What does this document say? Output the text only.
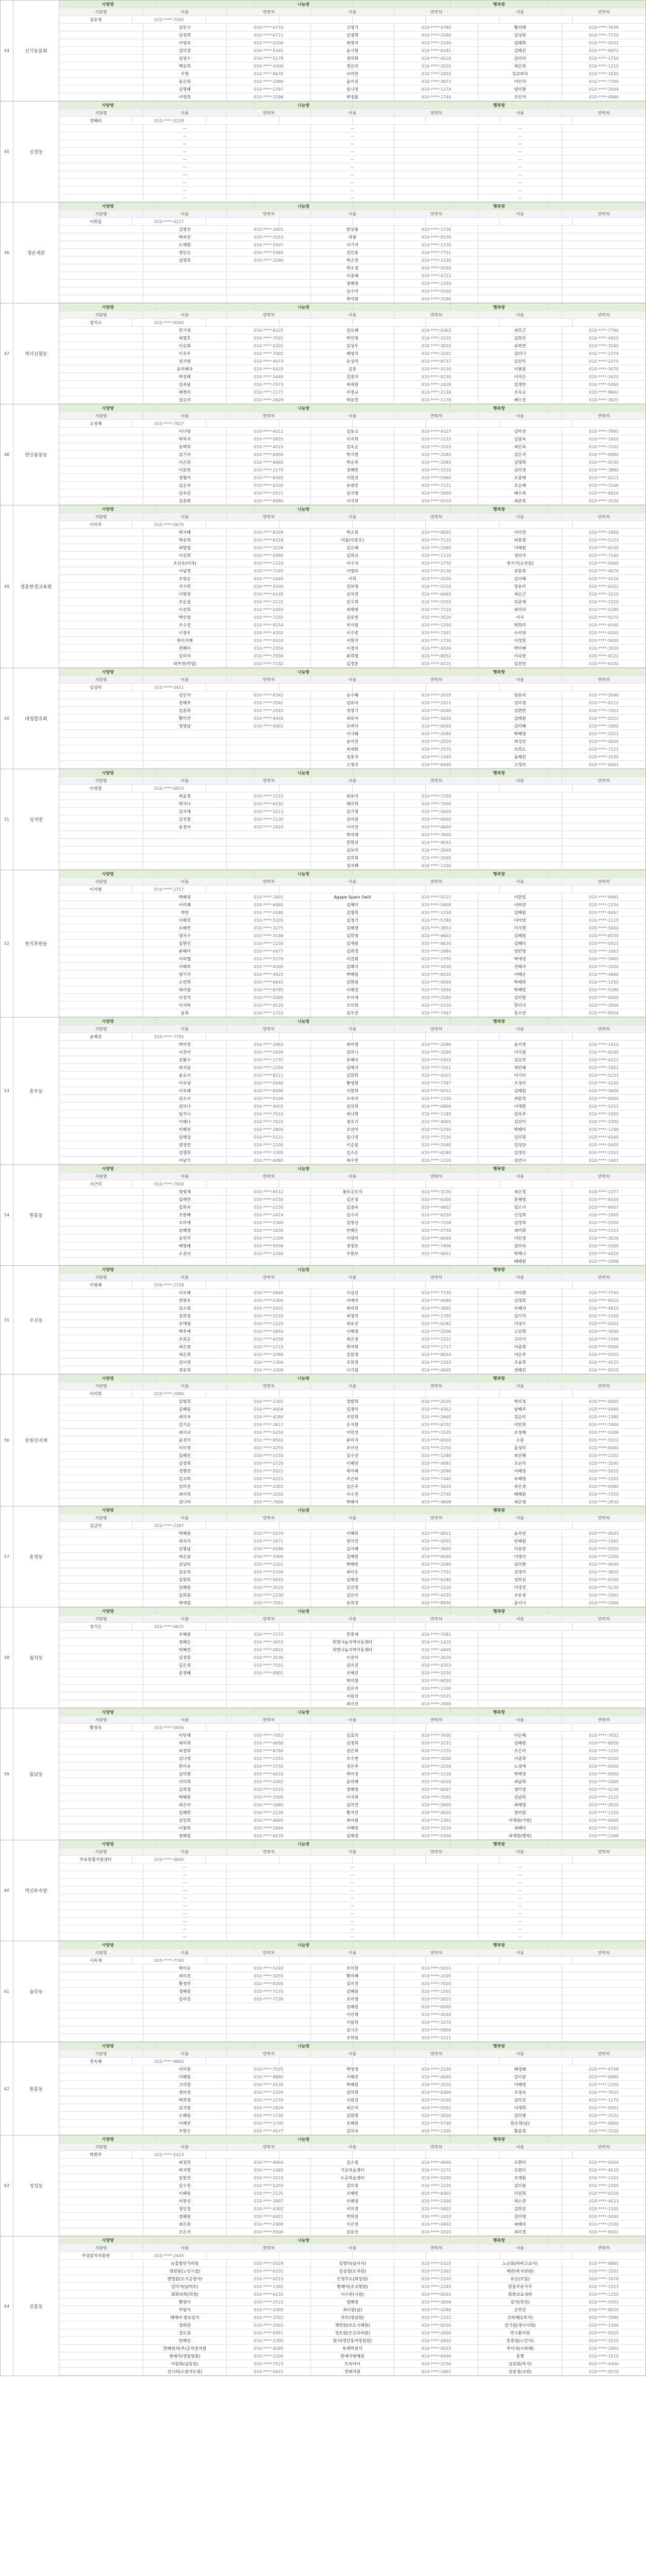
44	신기동분회
사랑방	나눔방	행복방
지원명	이름	연락처	이름	연락처	이름	연락처
김유경	010-****-7340
김인구	010-****-6710	고영기	010-****-4780	황미례	010-****-7838
김정희	010-****-6711	김영희	010-****-2590	김성희	010-****-7720
이영숙	010-****-0200	최영자	010-****-2240	김태희	010-****-4551
김미경	010-****-5345	윤시현	010-****-8181	김혜선	010-****-6972
김영수	010-****-5178	정미화	010-****-4520	김미자	010-****-1750
백승희	010-****-2400	정은미	010-****-2020	최은희	010-****-1210
우현	010-****-8670	이미란	010-****-1850	김교려자	010-****-1830
윤은희	010-****-2980	윤이진	010-****-3873	이인자	010-****-7705
김명해	010-****-2797	임나정	010-****-1174	양미현	010-****-2044
이영희	010-****-2186	박경률	010-****-1744	조인자	010-****-4880
45	신정동
사랑방	나눔방	행복방
지원명	이름	연락처	이름	연락처	이름	연락처
정혜라	010-****-0228
—	—	—
—	—	—
—	—	—
—	—	—
—	—	—
—	—	—
—	—	—
—	—	—
—	—	—
—	—	—
46	청운제본
사랑방	나눔방	행복방
지원명	이름	연락처	이름	연락처	이름	연락처
이휘울	010-****-4127
김명진	010-****-2401	한상봉	010-****-1726
박외진	010-****-3253	곽봉	010-****-9220
도예현	010-****-5507	이기자	010-****-1230
정인순	010-****-5060	김인용	010-****-7751
김명희	010-****-2590	박소연	010-****-1230
박소경	010-****-0250
이종혜	010-****-4721
정혜정	010-****-1255
김수미	010-****-5550
박석원	010-****-3180
47	역사신협동
사랑방	나눔방	행복방
지원명	이름	연락처	이름	연락처	이름	연락처
양지수	010-****-8340
한기영	010-****-6225	김로례	010-****-0362	최호근	010-****-7790
최명호	010-****-7501	박인영	010-****-3125	김희우	010-****-4455
이순화	010-****-5201	김성우	010-****-3030	송하연	010-****-3160
이옥우	010-****-7002	배영지	010-****-3201	김미나	010-****-2374
전지영	010-****-9073	유성미	010-****-8737	김선미	010-****-2375
윤미혜자	010-****-5025	김흥	010-****-0130	이봄원	010-****-3070
박정례	010-****-5440	김흥미	010-****-0230	이자은	010-****-3420
김숙남	010-****-7073	최세원	010-****-2428	김경란	010-****-5060
배경미	010-****-1177	이경규	010-****-2130	조옥순	010-****-8842
길순미	010-****-2620	박유민	010-****-1178	배수진	010-****-3625
48	연신용봉동
사랑방	나눔방	행복방
지원명	이름	연락처	이름	연락처	이름	연락처
오정해	010-****-7927
이나영	010-****-4011	김동교	010-****-4327	김덕선	010-****-7995
박복자	010-****-5825	이지희	010-****-2133	김점숙	010-****-1610
송백희	010-****-4515	김옥순	010-****-3203	최인숙	010-****-3102
김기자	010-****-6000	박지현	010-****-2580	김은지	010-****-6880
이은희	010-****-6660	박순복	010-****-2085	김명희	010-****-0230
이분희	010-****-2170	정혜빈	010-****-1520	김미정	010-****-3880
정형미	010-****-6565	이현선	010-****-5960	오종례	010-****-0211
김순자	010-****-6330	유광민	010-****-7121	조순례	010-****-3160
김숙진	010-****-5521	김지명	010-****-5850	배수희	010-****-8610
김춘화	010-****-8080	이지희	010-****-5510	최춘희	010-****-3130
49	영흥한정교육원
사랑방	나눔방	행복방
지원명	이름	연락처	이름	연락처	이름	연락처
이미주	010-****-0670
박지혜	010-****-8359	박소희	010-****-0005	이미연	010-****-1800
박유희	010-****-6318	이율(미혼모)	010-****-7125	최흥방	010-****-5123
최방엽	010-****-3226	김은혜	010-****-2580	이혜원	010-****-6230
이선희	010-****-5990	김희규	010-****-1110	정의지	010-****-7140
조선유(미자)	010-****-1210	이수자	010-****-2770	정지기(순진담)	010-****-5000
이남정	010-****-7165	이엘라	010-****-5130	전동희	010-****-4070
조영순	010-****-2440	이희	010-****-4250	김이혜	010-****-4210
지수빈	010-****-5500	김보영	010-****-5250	장유미	010-****-6252
이현정	010-****-6140	김어진	010-****-6460	최순근	010-****-3210
조운섭	010-****-2121	김수희	010-****-5250	김종예	010-****-2320
이선희	010-****-5450	최해영	010-****-7710	최미라	010-****-5280
박산정	010-****-7255	김유빈	010-****-3520	이지	010-****-9272
조수진	010-****-8254	차서원	010-****-1250	박희미	010-****-6540
이경우	010-****-4302	이수빈	010-****-7201	소미영	010-****-4205
하미사매	010-****-5510	이현지	010-****-1750	이정헌	010-****-5000
전혜미	010-****-2350	이경미	010-****-4200	박미혜	010-****-3550
김미자	010-****-7594	류희영	010-****-8052	이숙빈	010-****-6122
대추연(작업)	010-****-7232	김정훈	010-****-4115	김선민	010-****-6330
50	대청합유회
사랑방	나눔방	행복방
지원명	이름	연락처	이름	연락처	이름	연락처
김성미	010-****-0451
김인자	010-****-8342	송수혜	010-****-2035	양유리	010-****-2040
전해주	010-****-2581	김유미	010-****-1011	김미경	010-****-8112
김춘희	010-****-2583	정영기	010-****-4500	김현빈	010-****-7501
황미연	010-****-4449	최유미	010-****-5630	김혜원	010-****-0222
정영남	010-****-5002	조비아	010-****-6500	김미혜	010-****-1000
이사혜	010-****-4580	박혜경	010-****-2021
송미진	010-****-2020	최성진	010-****-4050
최세화	010-****-2575	조희도	010-****-7121
정홍자	010-****-1349	윤혜진	010-****-1530
고정미	010-****-8400	고정미	010-****-0401
51	성지방
사랑방	나눔방	행복방
지원명	이름	연락처	이름	연락처	이름	연락처
이정영	010-****-4825
최윤정	010-****-7210	최유미	010-****-7250
박자나	010-****-6192	배미희	010-****-7500
김지예	010-****-3213	김기영	010-****-2605
김진철	010-****-2130	김미원	010-****-6005
윤정아	010-****-2010	이이연	010-****-4600
박미해	010-****-7900
한현선	010-****-9032
김보미	010-****-2000
김미희	010-****-2500
성지혜	010-****-1200
52	한지후원동
사랑방	나눔방	행복방
지원명	이름	연락처	이름	연락처	이름	연락처
이지영	010-****-2717
박혜정	010-****-2601	Agape Sparo Swill	010-****-0221	이한밀	010-****-9461
이미혜	010-****-6080	김혜미	010-****-5808	이하연	010-****-2234
박빈	010-****-3180	김명희	010-****-1258	김혜원	010-****-8457
이혜진	010-****-5205	김정기	010-****-5780	이아연	010-****-2115
소혜연	010-****-3275	김혜경	010-****-3853	이지현	010-****-5000
양지수	010-****-3190	김희영	010-****-6602	김혜원	010-****-8335
김현신	010-****-2250	김재원	010-****-6630	김혜미	010-****-0421
류혜미	010-****-0477	김희정	010-****-2884	전민영	010-****-1063
이하엘	010-****-5270	이진회	010-****-2750	박애정	010-****-3405
이혜희	010-****-4200	김혜지	010-****-3430	진혜자	010-****-3320
양기지	010-****-4825	박혜림	010-****-6535	이혜은	010-****-4660
소연희	010-****-6645	김현원	010-****-4000	박혜희	010-****-1250
최이원	010-****-8785	이혜진	010-****-1830	박혜빈	010-****-5280
이성지	010-****-5005	우이애	010-****-2590	김미현	010-****-0050
이지하	010-****-4520	조미희	010-****-5150	한미지	010-****-3000
윤희	010-****-1722	김우연	010-****-7467	홍소연	010-****-8554
53	송주동
사랑방	나눔방	행복방
지원명	이름	연락처	이름	연락처	이름	연락처
윤혜진	010-****-7785
박미정	010-****-2963	최미영	010-****-2086	윤미정	010-****-1410
이진이	010-****-2930	김미나	010-****-3200	이지원	010-****-6240
김활수	010-****-2737	유혜미	010-****-5452	김승연	010-****-4212
최지남	010-****-2250	김예지	010-****-7551	최민혜	010-****-1051
윤오이	010-****-8211	김한희	010-****-4201	이기미	010-****-5233
이숙냥	010-****-5040	황영현	010-****-7787	조경미	010-****-4250
이옥례	010-****-8090	이현희	010-****-6251	김혜원	010-****-3005
김소이	010-****-5100	조옥미	010-****-1200	최원정	010-****-8000
김미나	010-****-4455	김선희	010-****-6806	이재현	010-****-5211
임지니	010-****-7510	최나희	010-****-1180	김옥주	010-****-2555
이해나	010-****-7620	정옥기	010-****-4005	김선아	010-****-3390
이혜진	010-****-2804	조선미	010-****-5250	박혜미	010-****-1240
김해성	010-****-5121	임나정	010-****-7230	김미희	010-****-4160
양정연	010-****-2200	이승원	010-****-2040	김성안	010-****-5005
김명희	010-****-3305	김소은	010-****-6280	김정인	010-****-2552
이남기	010-****-6080	최수빈	010-****-1150	김연나	010-****-1601
54	원흥동
사랑방	나눔방	행복방
지원명	이름	연락처	이름	연락처	이름	연락처
서근미	010-****-7908
정영재	010-****-6512	봉포공모지	010-****-3220	최은정	010-****-2277
김해연	010-****-0150	김온정	010-****-6300	홍혜영	010-****-6320
김희숙	010-****-2150	김점숙	010-****-4602	임소사	010-****-6007
조현혜	010-****-2414	김수미	010-****-6250	신성희	010-****-1005
오미애	010-****-2300	김영선	010-****-7258	김정희	010-****-5200
김혜영	010-****-1630	안혜은	010-****-4750	최미화	010-****-2151
송민미	010-****-1200	이양미	010-****-6000	이인경	010-****-3026
배영례	010-****-5058	정정유	010-****-7406	김미숙	010-****-5200
소선녀	010-****-1260	조현보	010-****-6601	박혜니	010-****-4420
배혜원	010-****-2008
55	주신동
사랑방	나눔방	행복방
지원명	이름	연락처	이름	연락처	이름	연락처
이영해	010-****-2728
이로례	010-****-5660	이심선	010-****-7730	이아현	010-****-7745
전현옥	010-****-5300	이예미	010-****-0080	김정희	010-****-6520
김소원	010-****-5501	최미희	010-****-3805	조혜자	010-****-4810
김희경	010-****-2120	최경미	010-****-1705	김기자	010-****-1500
조애령	010-****-2220	최유진	010-****-6282	이경수	010-****-4201
박주예	010-****-0850	이혜경	010-****-2506	고선희	010-****-3000
조희순	010-****-4250	최은정	010-****-1522	고미기	010-****-1500
최은영	010-****-1215	박자희	010-****-2717	이종희	010-****-5505
최은희	010-****-3780	김원경	010-****-8054	이은주	010-****-2555
김이영	010-****-1300	조희정	010-****-1203	조윤희	010-****-4125
정유희	010-****-1000	이기원	010-****-4005	정혜진	010-****-0510
56	송원산지제
사랑방	나눔방	행복방
지원명	이름	연락처	이름	연락처	이름	연락처
이미희	010-****-2980
김명희	010-****-1202	정발희	010-****-2020	박미정	010-****-0055
김혜원	010-****-4056	김경미	010-****-4352	남혜주	010-****-5440
최미자	010-****-4280	조민희	010-****-2660	김순미	010-****-1380
김기순	010-****-3617	손지현	010-****-6702	이민희	010-****-7404
최사교	010-****-5250	이민성	010-****-1525	조정혜	010-****-0206
윤진미	010-****-8502	류미지	010-****-6500	소원	010-****-5522
이이정	010-****-4255	조이선	010-****-2250	윤성미	010-****-6000
김혜진	010-****-5150	김수진	010-****-1280	최선혜	010-****-2102
김정희	010-****-2720	이혜진	010-****-4081	조순미	010-****-3240
정행진	010-****-5021	박미혜	010-****-2090	이혜정	010-****-5015
김교하	010-****-6222	조은하	010-****-7440	유혜영	010-****-1201
김미진	010-****-2001	김은주	010-****-5620	곽은정	010-****-0580
최미희	010-****-3250	이수연	010-****-2705	배혜원	010-****-7250
김나미	010-****-7000	박혜지	010-****-4808	최은영	010-****-2830
57	송정동
사랑방	나눔방	행복방
지원명	이름	연락처	이름	연락처	이름	연락처
김금미	010-****-2387
박혜원	010-****-5570	이혜리	010-****-0011	윤옥란	010-****-4033
최옥미	010-****-2871	장이연	010-****-0055	안혜원	010-****-1002
김형남	010-****-6186	김이혜	010-****-3600	이송빈	010-****-5520
최순남	010-****-3300	김혜원	010-****-6050	이영미	010-****-2200
김남리	010-****-2201	박혜빈	010-****-2580	김미현	010-****-4040
김유희	010-****-5100	최이은	010-****-7701	김경미	010-****-3825
김현희	010-****-0055	김혜경	010-****-6280	정희선	010-****-8700
김혜원	010-****-3520	김선경	010-****-1520	이경진	010-****-5230
김희원	010-****-2230	김은미	010-****-4235	조유정	010-****-2002
박애원	010-****-7051	유희정	010-****-8830	윤이나	010-****-1000
58	월석동
사랑방	나눔방	행복방
지원명	이름	연락처	이름	연락처	이름	연락처
정기은	010-****-0625
조혜원	010-****-7272	한흥재	010-****-7281
정혜은	010-****-3653	희망나눔지역아동센터	010-****-1425
박혜린	010-****-0621	희망나눔지역아동센터	010-****-4405
김정원	010-****-3530	이진아	010-****-2020
김은정	010-****-7551	김미진	010-****-4203
송정혜	010-****-8801	조혜진	010-****-3330
박미현	010-****-6050
김은미	010-****-1100
이원진	010-****-5521
최이진	010-****-2000
59	월남동
사랑방	나눔방	행복방
지원명	이름	연락처	이름	연락처	이름	연락처
황정숙	010-****-5656
이민해	010-****-7052	김효미	010-****-7600	이순혜	010-****-7032
최미희	010-****-0056	김정희	010-****-3231	김혜원	010-****-8050
최경희	010-****-8760	권은희	010-****-2155	조은미	010-****-1255
김나경	010-****-2151	조수빈	010-****-2000	이종희	010-****-6320
한미유	010-****-3732	정은주	010-****-3258	노경애	010-****-5500
김미현	010-****-6010	박미정	010-****-1220	박해정	010-****-0050
이미희	010-****-2002	윤미혜	010-****-4550	최남희	010-****-2005
김희정	010-****-5510	정혜영	010-****-6007	정미경	010-****-4230
박혜원	010-****-2505	이지희	010-****-7505	김남희	010-****-2125
최은아	010-****-1680	김미연	010-****-2600	최해영	010-****-3020
김혜빈	010-****-2226	황지연	010-****-4025	장미원	010-****-1220
김민희	010-****-4605	최이원	010-****-2302	이재원(사랑)	010-****-6560
이봉희	010-****-2840	이혜빈	010-****-2510	최혜미	010-****-1502
장혜원	010-****-6070	김해경	010-****-5300	최재원(행복)	010-****-2368
60	역신부속말
사랑방	나눔방	행복방
지원명	이름	연락처	이름	연락처	이름	연락처
부유통합지원센터	010-****-4640
—	—	—
—	—	—
—	—	—
—	—	—
—	—	—
—	—	—
—	—	—
—	—	—
—	—	—
—	—	—
61	숲무동
사랑방	나눔방	행복방
지원명	이름	연락처	이름	연락처	이름	연락처
서옥재	010-****-7760
박미순	010-****-5240	조이현	010-****-5051
최미진	010-****-3255	황미혜	010-****-2205
황정빈	010-****-8205	김미진	010-****-7020
정혜원	010-****-7170	김혜원	010-****-1501
김미진	010-****-7730	조미영	010-****-5022
김혜원	010-****-6505
이인해	010-****-4040
이원희	010-****-3270
김시은	010-****-5800
조희원	010-****-2211
62	원흥동
사랑방	나눔방	행복방
지원명	이름	연락처	이름	연락처	이름	연락처
전옥혜	010-****-8860
이미원	010-****-7525	박영정	010-****-2530	배경혜	010-****-4758
이혜원	010-****-8880	이혜진	010-****-4000	김이원	010-****-6880
고미원	010-****-5530	박혜원	010-****-2525	이혜영	010-****-2200
정미정	010-****-2320	김미희	010-****-6300	조정숙	010-****-7025
박희영	010-****-2270	이원진	010-****-4205	김미진	010-****-1270
김지원	010-****-2820	최은미	010-****-5502	이재희	010-****-5501
소혜원	010-****-1730	김원영	010-****-3500	김미영	010-****-2532
이해진	010-****-2700	조혜원	010-****-5700	한은희(남)	010-****-0900
조현은	010-****-4577	김미숙	010-****-1205	황윤희	010-****-3150
63	정성동
사랑방	나눔방	행복방
지원명	이름	연락처	이름	연락처	이름	연락처
박현주	010-****-5423
최정희	010-****-4850	김소원	010-****-4900	조현미	010-****-6354
박지현	010-****-1485	기공마을센터	010-****-2271	조현미	010-****-4510
김원진	010-****-3210	소공마을센터	010-****-5200	조재원	010-****-1201
김수진	010-****-5250	김미정	010-****-1535	김이원	010-****-2350
이혜원	010-****-2125	조혜빈	010-****-6302	이진희	010-****-0250
이현선	010-****-3007	이혜정	010-****-2300	최소연	010-****-4023
정인정	010-****-4302	이미정	010-****-5002	김희진	010-****-1100
정혜원	010-****-6021	박희원	010-****-3203	김미영	010-****-5040
최은희	010-****-2900	이은영	010-****-4402	최혜리	010-****-2530
조은지	010-****-5500	김유진	010-****-1010	최미경	010-****-6021
64	진흥동
사랑방	나눔방	행복방
지원명	이름	연락처	이름	연락처	이름	연락처
부성감지지원센	010-****-2445
농물범인가리원	010-****-5024	김영미(남자사)	010-****-5325	노순회(바뀌고요이)	010-****-6885
영원원(노인시설)	010-****-6332	김성경(도자원)	010-****-2302	예관(복지관원)	010-****-3251
엔엘원(도지공원사)	010-****-0215	손청주도(화상원)	010-****-2205	유순(모임)	010-****-1070
김미자(남비모)	010-****-1392	황매여(조교향원)	010-****-2245	한울주유사자	010-****-1523
회화파희(희정)	010-****-6232	이수빈(시원)	010-****-6201	회화코요네워	010-****-1250
황영이	010-****-2515	엘혜영	010-****-3008	감지(희정)	010-****-5203
부방지	010-****-2005	최이원(남)	010-****-4280	은희진	010-****-8020
패해여 방요당지	010-****-3702	마트(영남원)	010-****-2102	오하례(1복지)	010-****-7080
정희관	010-****-2502	제면원(보도시해원)	010-****-6250	잎기원(생시사회)	010-****-1500
강도원	010-****-5051	정토원(손곤다의원)	010-****-2000	연수환자원	010-****-0525
안해진	010-****-2305	원사(면간동어장원원)	010-****-4402	흥흥원(노인사)	010-****-3215
한혜원의(주)공의장지원	010-****-4285	독해학원사	010-****-5015	주이지(시외래)	010-****-2002
방해지(생원영원)	010-****-2200	한예지방해원	010-****-8400	중행	010-****-1510
미원회(남동원)	010-****-7523	트리아이	010-****-2250	김원회(복지)	010-****-4300
진시의(소원자도원)	010-****-0421	천해지원	010-****-1602	강중정(교원)	010-****-5570
